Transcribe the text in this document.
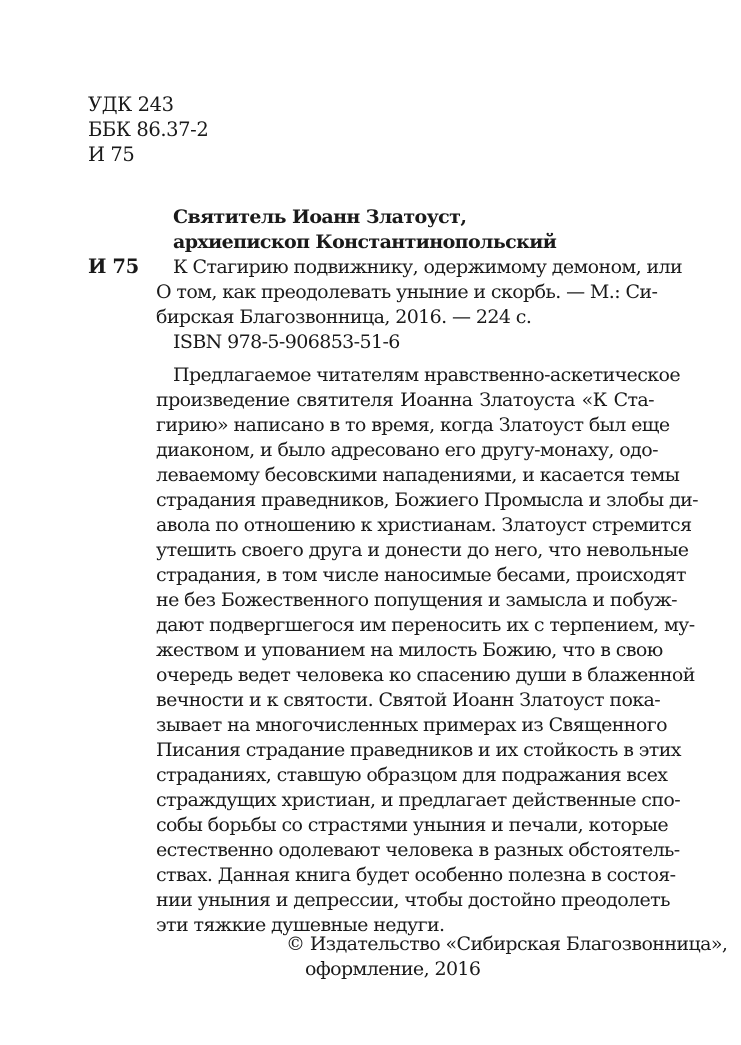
УДК 243
ББК 86.37-2
И 75
Святитель Иоанн Златоуст,
архиепископ Константинопольский
И 75 К Стагирию подвижнику, одержимому демоном, или
О том, как преодолевать уныние и скорбь. — М.: Си-
бирская Благозвонница, 2016. — 224 с.
ISBN 978-5-906853-51-6
Предлагаемое читателям нравственно-аскетическое
произведение святителя Иоанна Златоуста «К Ста-
гирию» написано в то время, когда Златоуст был еще
диаконом, и было адресовано его другу-монаху, одо-
леваемому бесовскими нападениями, и касается темы
страдания праведников, Божиего Промысла и злобы ди-
авола по отношению к христианам. Златоуст стремится
утешить своего друга и донести до него, что невольные
страдания, в том числе наносимые бесами, происходят
не без Божественного попущения и замысла и побуж-
дают подвергшегося им переносить их с терпением, му-
жеством и упованием на милость Божию, что в свою
очередь ведет человека ко спасению души в блаженной
вечности и к святости. Святой Иоанн Златоуст пока-
зывает на многочисленных примерах из Священного
Писания страдание праведников и их стойкость в этих
страданиях, ставшую образцом для подражания всех
страждущих христиан, и предлагает действенные спо-
собы борьбы со страстями уныния и печали, которые
естественно одолевают человека в разных обстоятель-
ствах. Данная книга будет особенно полезна в состоя-
нии уныния и депрессии, чтобы достойно преодолеть
эти тяжкие душевные недуги.
© Издательство «Сибирская Благозвонница»,
оформление, 2016
